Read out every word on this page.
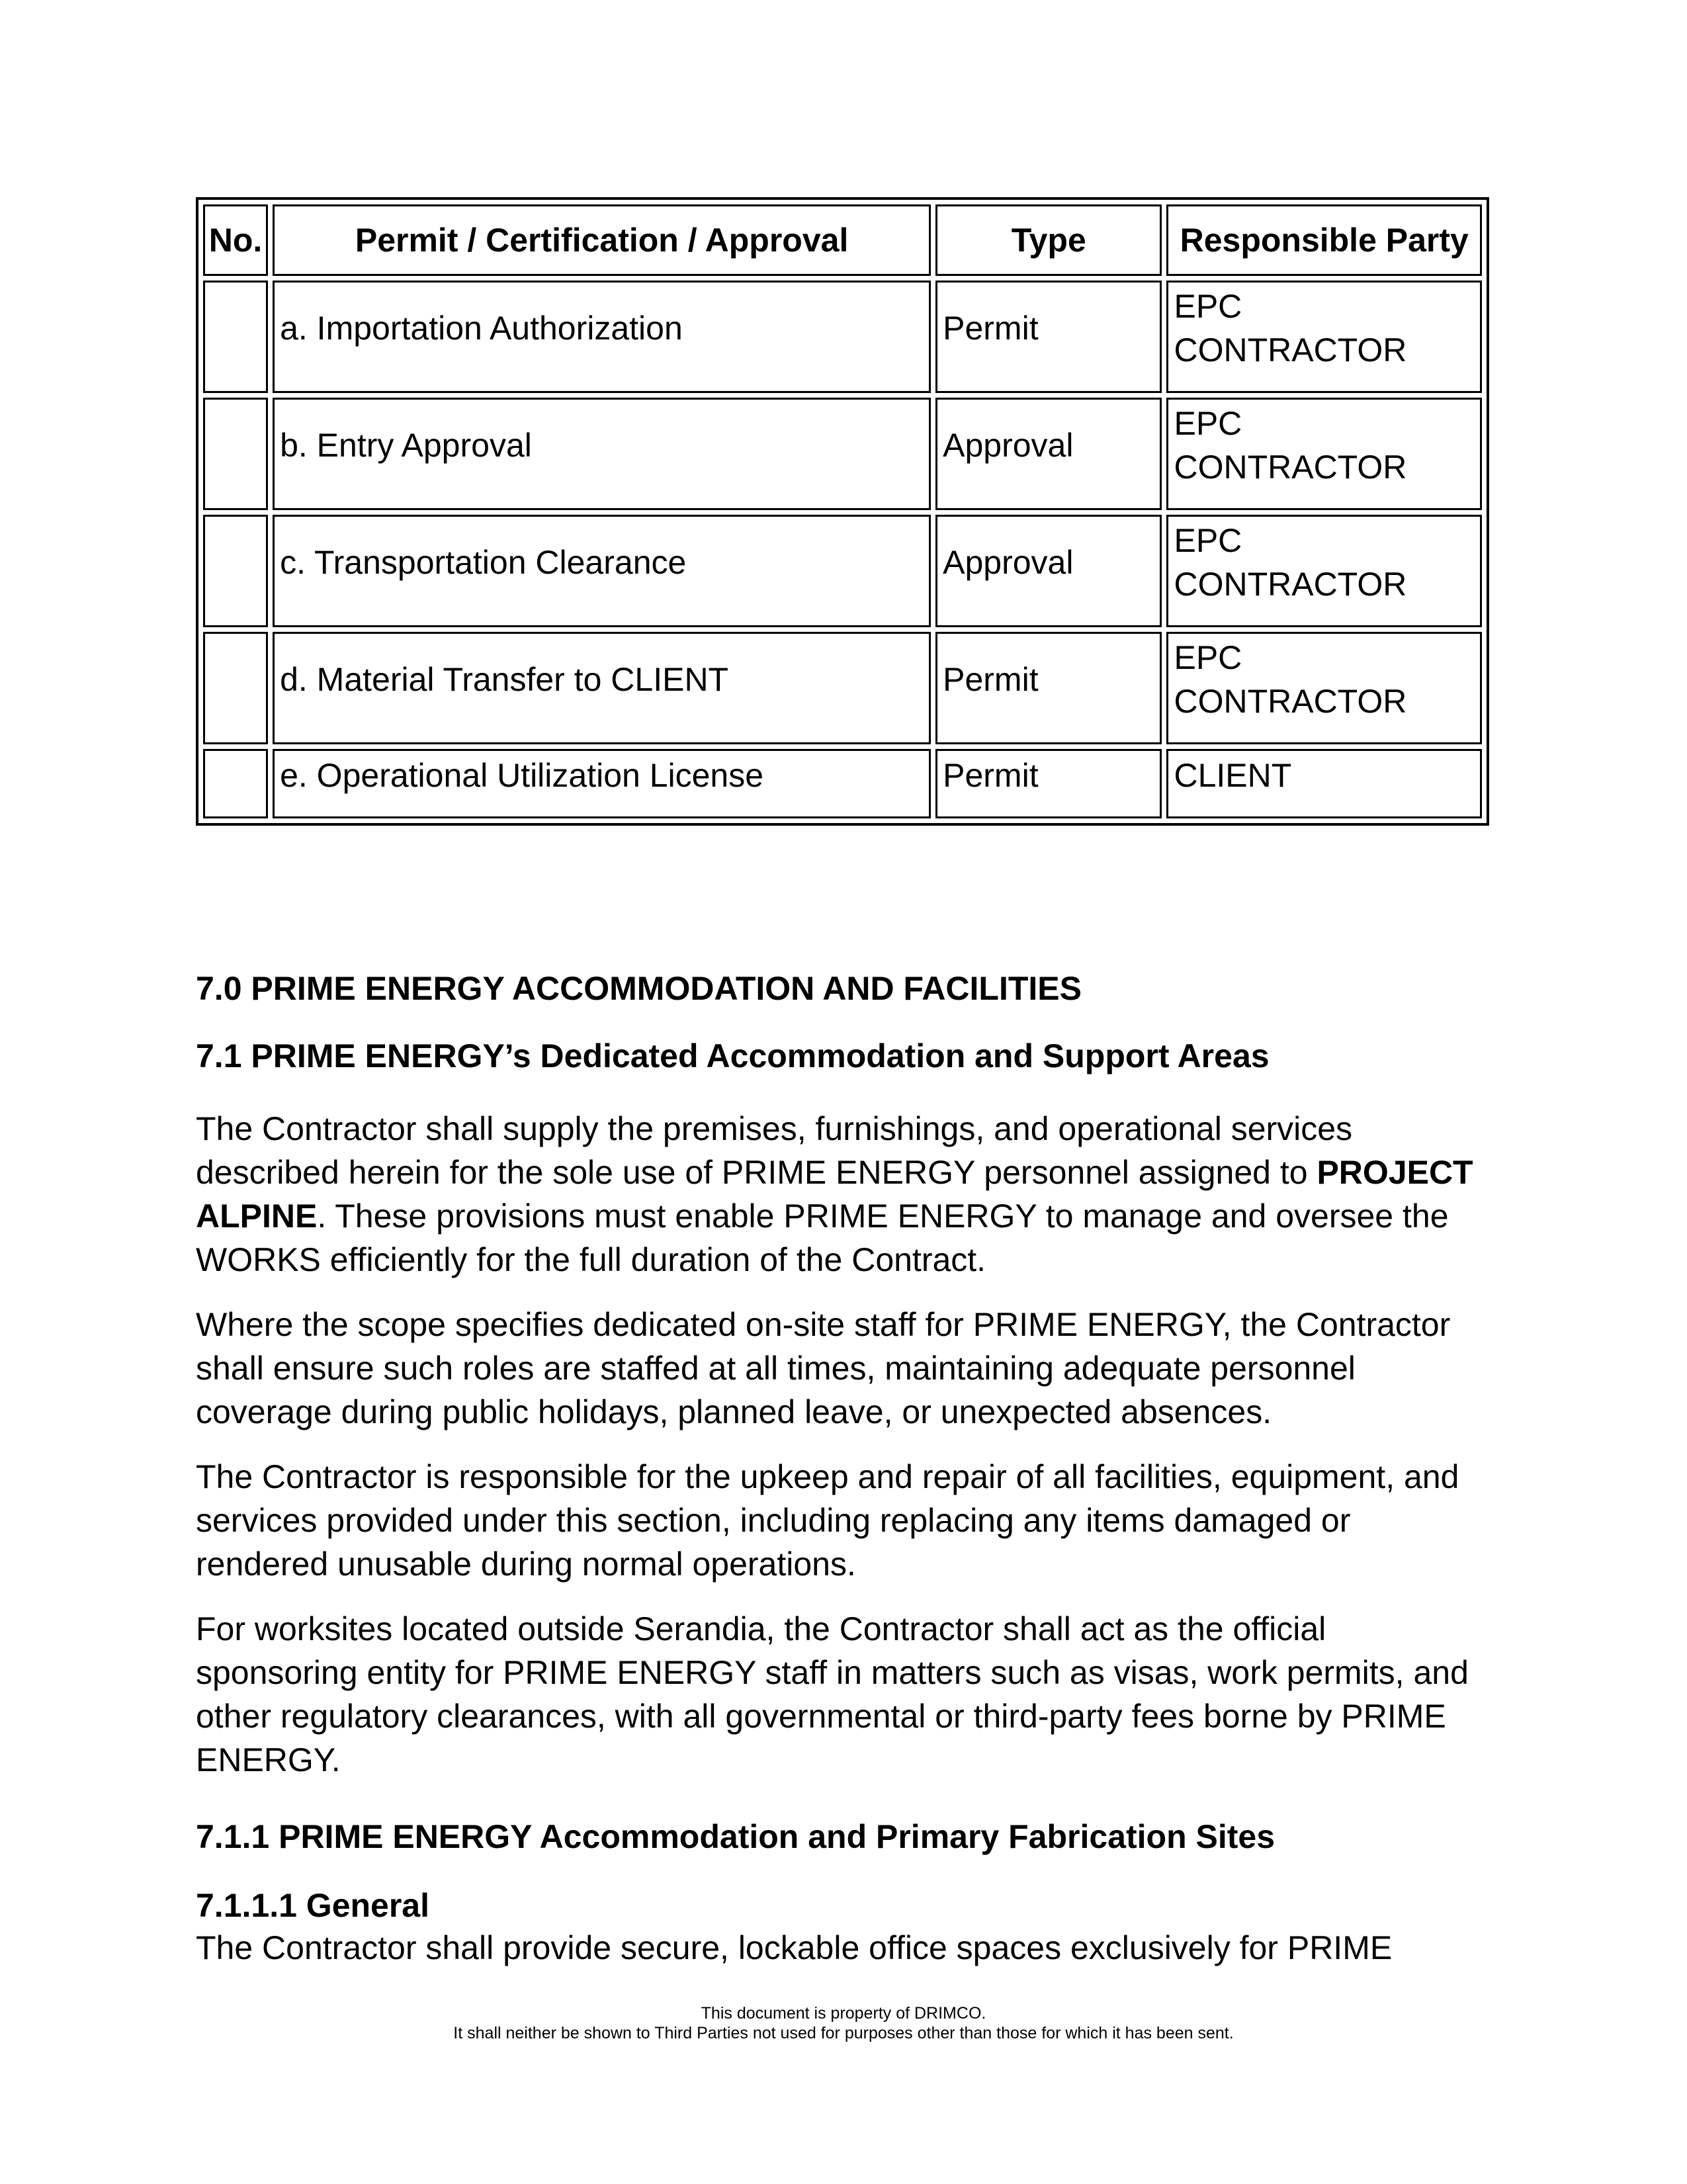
No.	Permit / Certification / Approval	Type	Responsible Party
	a. Importation Authorization	Permit	EPC CONTRACTOR
	b. Entry Approval	Approval	EPC CONTRACTOR
	c. Transportation Clearance	Approval	EPC CONTRACTOR
	d. Material Transfer to CLIENT	Permit	EPC CONTRACTOR
	e. Operational Utilization License	Permit	CLIENT
7.0 PRIME ENERGY ACCOMMODATION AND FACILITIES
7.1 PRIME ENERGY’s Dedicated Accommodation and Support Areas

The Contractor shall supply the premises, furnishings, and operational services described herein for the sole use of PRIME ENERGY personnel assigned to PROJECT ALPINE. These provisions must enable PRIME ENERGY to manage and oversee the WORKS efficiently for the full duration of the Contract.

Where the scope specifies dedicated on-site staff for PRIME ENERGY, the Contractor shall ensure such roles are staffed at all times, maintaining adequate personnel coverage during public holidays, planned leave, or unexpected absences.

The Contractor is responsible for the upkeep and repair of all facilities, equipment, and services provided under this section, including replacing any items damaged or rendered unusable during normal operations.

For worksites located outside Serandia, the Contractor shall act as the official sponsoring entity for PRIME ENERGY staff in matters such as visas, work permits, and other regulatory clearances, with all governmental or third-party fees borne by PRIME ENERGY.

7.1.1 PRIME ENERGY Accommodation and Primary Fabrication Sites
7.1.1.1 General

The Contractor shall provide secure, lockable office spaces exclusively for PRIME

This document is property of DRIMCO.
It shall neither be shown to Third Parties not used for purposes other than those for which it has been sent.
